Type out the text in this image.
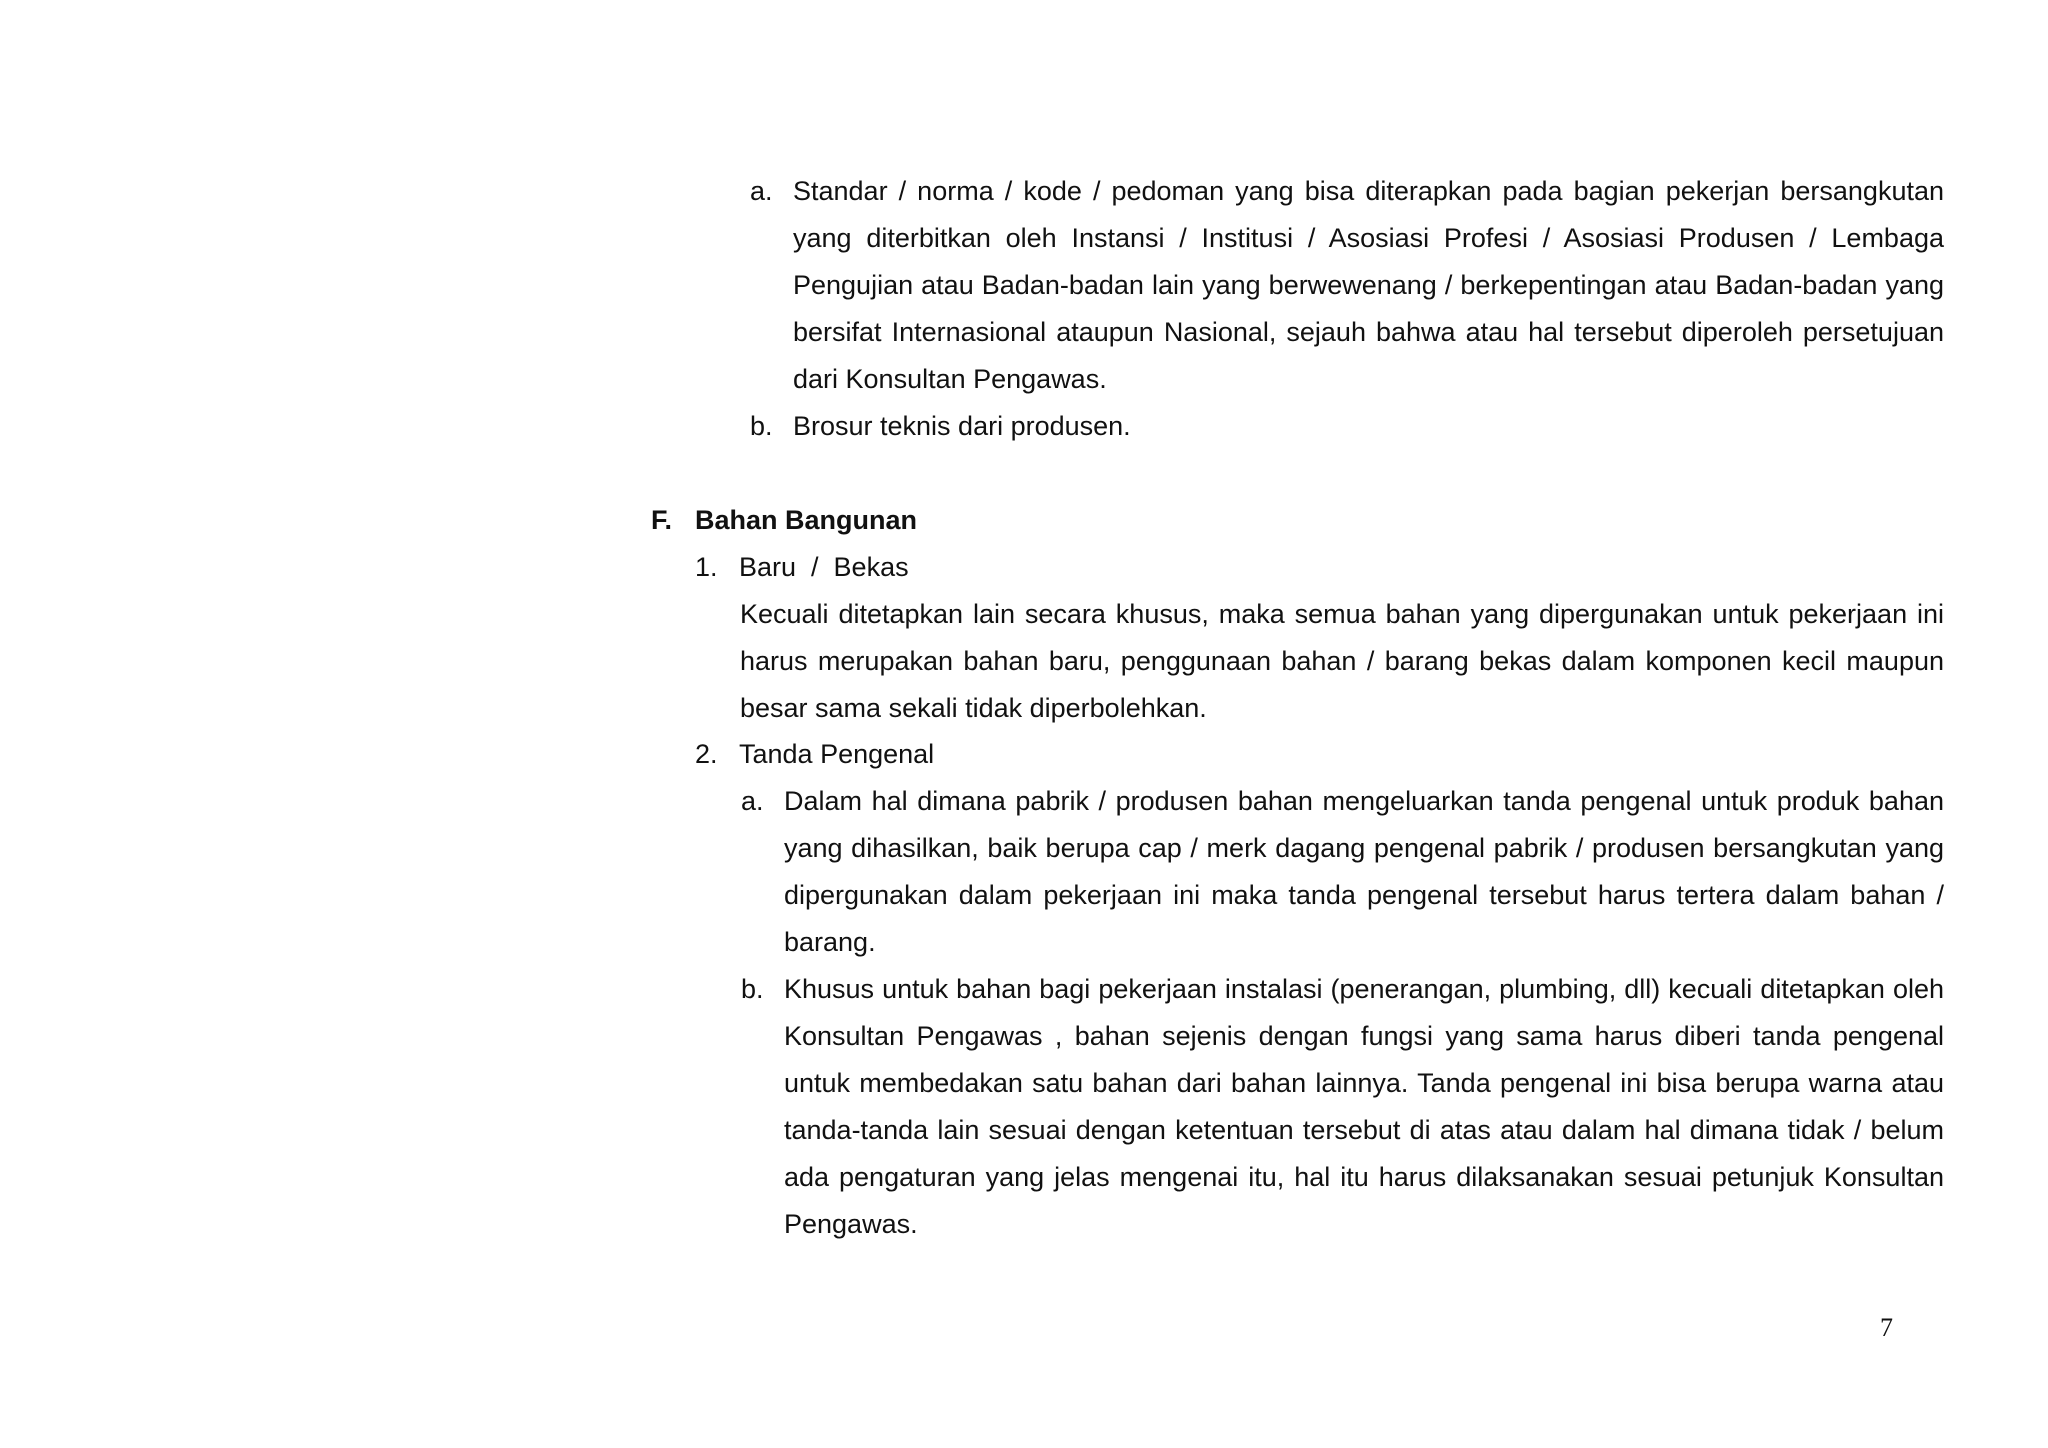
a. Standar / norma / kode / pedoman yang bisa diterapkan pada bagian pekerjan bersangkutan yang diterbitkan oleh Instansi / Institusi / Asosiasi Profesi / Asosiasi Produsen / Lembaga Pengujian atau Badan-badan lain yang berwewenang / berkepentingan atau Badan-badan yang bersifat Internasional ataupun Nasional, sejauh bahwa atau hal tersebut diperoleh persetujuan dari Konsultan Pengawas.
b. Brosur teknis dari produsen.
F. Bahan Bangunan
1. Baru  /  Bekas
Kecuali ditetapkan lain secara khusus, maka semua bahan yang dipergunakan untuk pekerjaan ini harus merupakan bahan baru, penggunaan bahan / barang bekas dalam komponen kecil maupun besar sama sekali tidak diperbolehkan.
2. Tanda Pengenal
a. Dalam hal dimana pabrik / produsen bahan mengeluarkan tanda pengenal untuk produk bahan yang dihasilkan, baik berupa cap / merk dagang pengenal pabrik / produsen bersangkutan yang dipergunakan dalam pekerjaan ini maka tanda pengenal tersebut harus tertera dalam bahan / barang.
b. Khusus untuk bahan bagi pekerjaan instalasi (penerangan, plumbing, dll) kecuali ditetapkan oleh Konsultan Pengawas , bahan sejenis dengan fungsi yang sama harus diberi tanda pengenal untuk membedakan satu bahan dari bahan lainnya. Tanda pengenal ini bisa berupa warna atau tanda-tanda lain sesuai dengan ketentuan tersebut di atas atau dalam hal dimana tidak / belum ada pengaturan yang jelas mengenai itu, hal itu harus dilaksanakan sesuai petunjuk Konsultan Pengawas.
7
